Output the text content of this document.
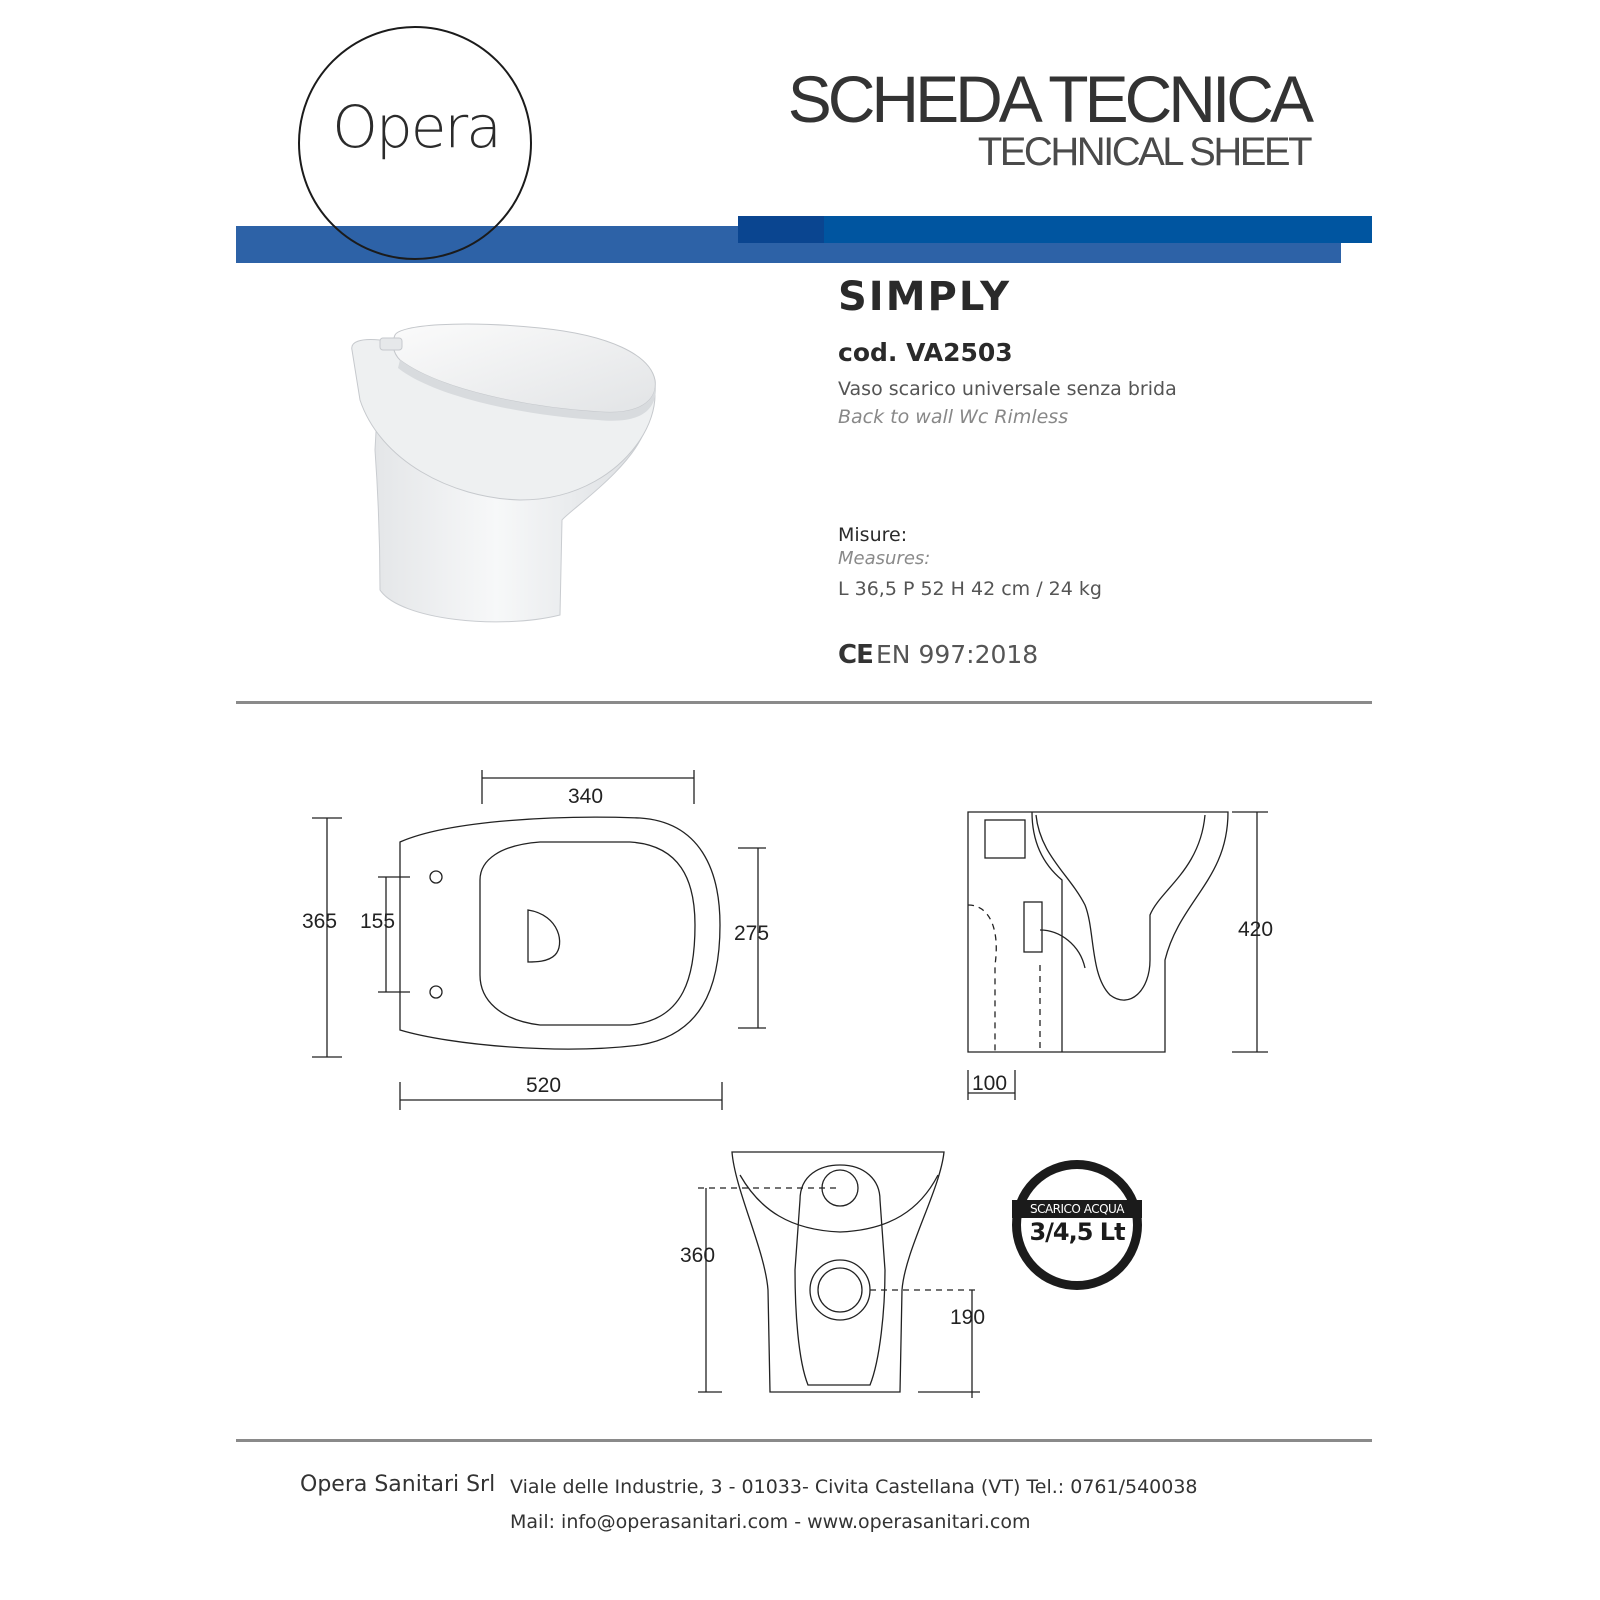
Opera	SCHEDA TECNICA
TECHNICAL SHEET
SIMPLY
cod. VA2503
Vaso scarico universale senza brida
Back to wall Wc Rimless
Misure:
Measures:
L 36,5 P 52 H 42 cm / 24 kg
CE EN 997:2018
340
365 155
275
520
420
100
360
190
SCARICO ACQUA
3/4,5 Lt
Opera Sanitari Srl Viale delle Industrie, 3 - 01033- Civita Castellana (VT) Tel.: 0761/540038
Mail: info@operasanitari.com - www.operasanitari.com
